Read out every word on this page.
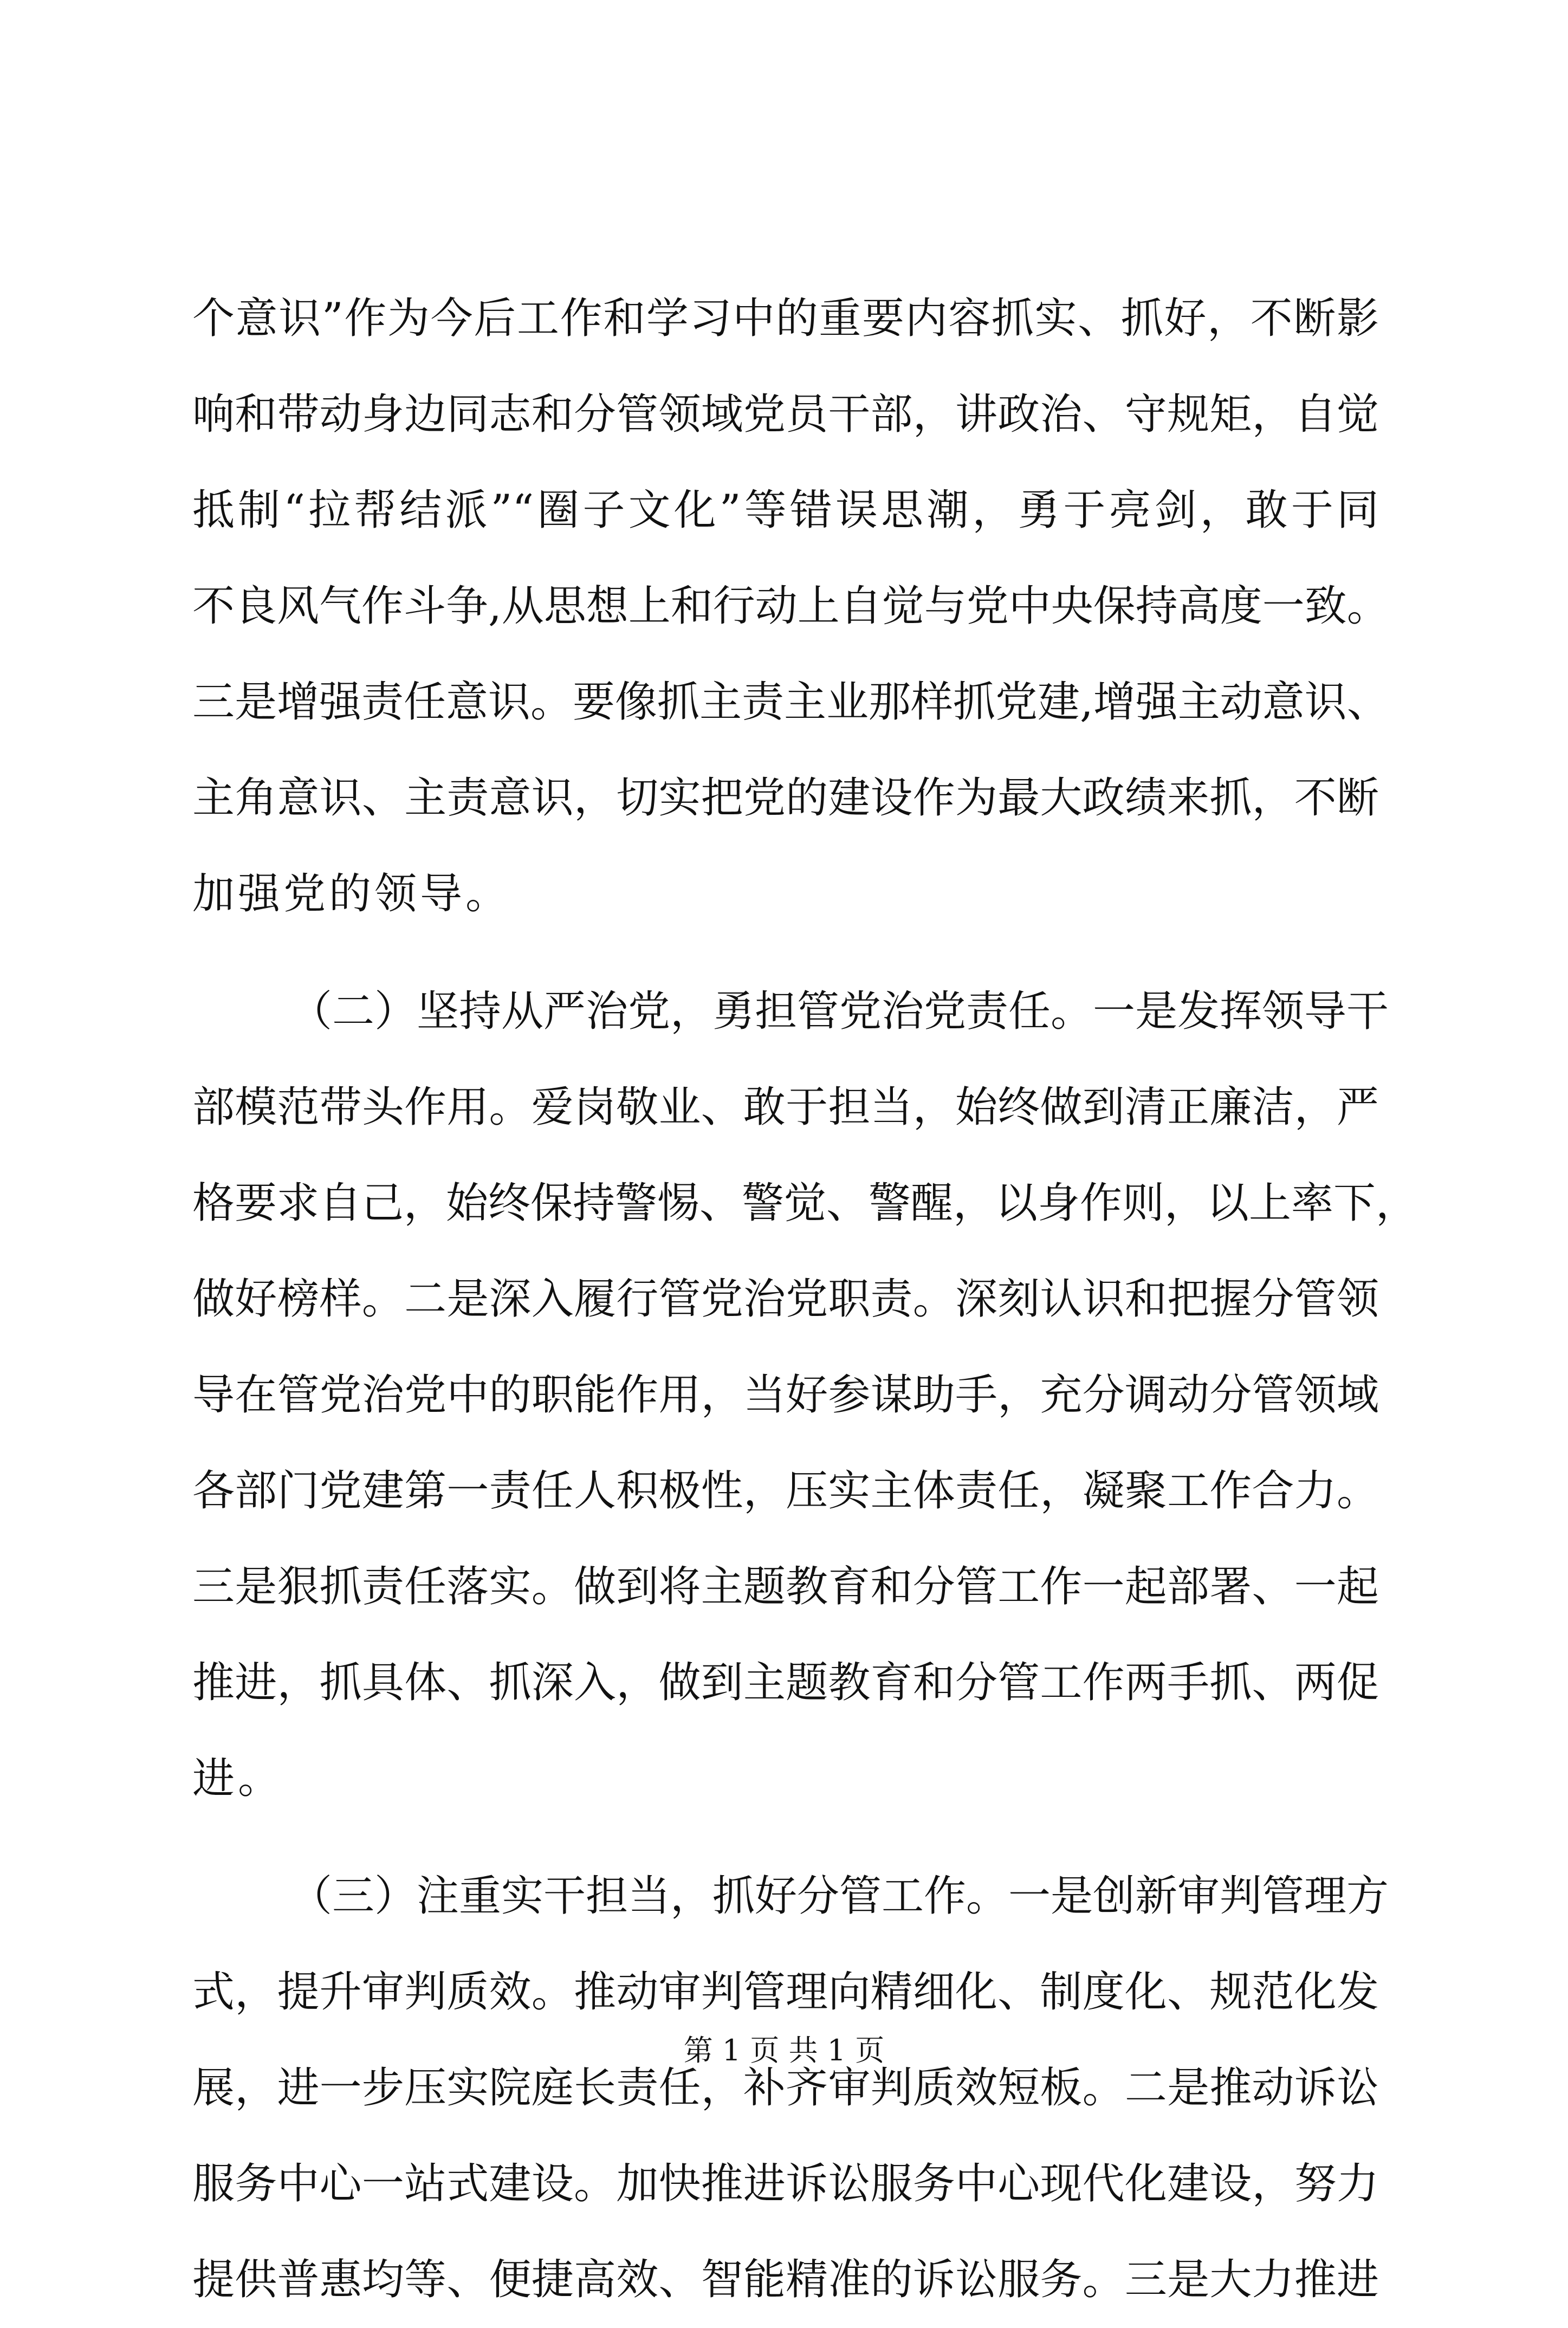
个意识”作为今后工作和学习中的重要内容抓实、抓好，不断影
响和带动身边同志和分管领域党员干部，讲政治、守规矩，自觉
抵制“拉帮结派”“圈子文化”等错误思潮，勇于亮剑，敢于同
不良风气作斗争,从思想上和行动上自觉与党中央保持高度一致。
三是增强责任意识。要像抓主责主业那样抓党建,增强主动意识、
主角意识、主责意识，切实把党的建设作为最大政绩来抓，不断
加强党的领导。
（二）坚持从严治党，勇担管党治党责任。一是发挥领导干
部模范带头作用。爱岗敬业、敢于担当，始终做到清正廉洁，严
格要求自己，始终保持警惕、警觉、警醒，以身作则，以上率下，
做好榜样。二是深入履行管党治党职责。深刻认识和把握分管领
导在管党治党中的职能作用，当好参谋助手，充分调动分管领域
各部门党建第一责任人积极性，压实主体责任，凝聚工作合力。
三是狠抓责任落实。做到将主题教育和分管工作一起部署、一起
推进，抓具体、抓深入，做到主题教育和分管工作两手抓、两促
进。
（三）注重实干担当，抓好分管工作。一是创新审判管理方
式，提升审判质效。推动审判管理向精细化、制度化、规范化发
展，进一步压实院庭长责任，补齐审判质效短板。二是推动诉讼
服务中心一站式建设。加快推进诉讼服务中心现代化建设，努力
提供普惠均等、便捷高效、智能精准的诉讼服务。三是大力推进
第 1 页 共 1 页
